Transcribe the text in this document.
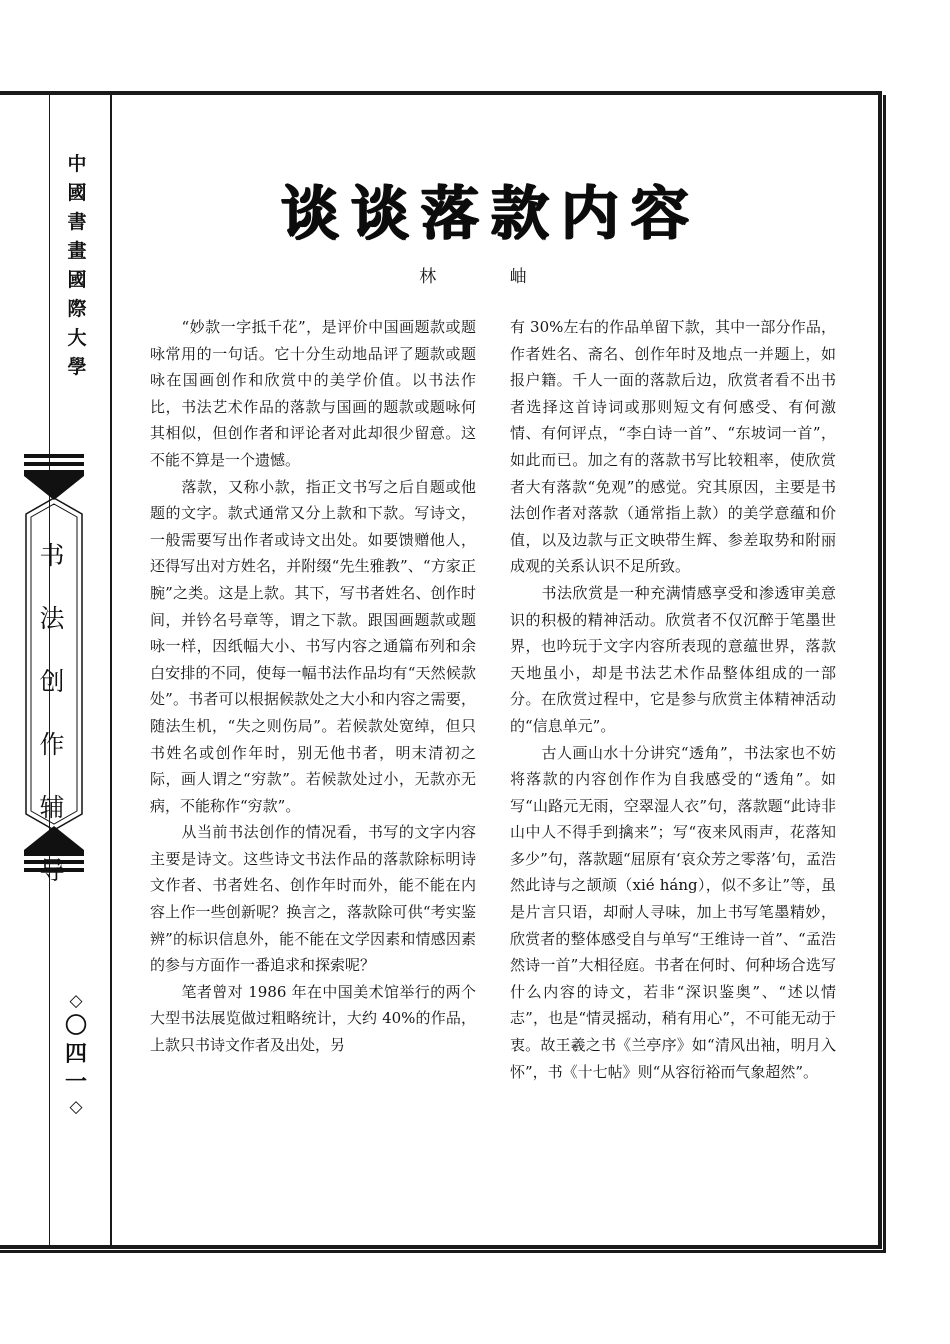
中
國
書
畫
國
際
大
學
书
法
创
作
辅
导
◇
〇
四
一
◇
谈谈落款内容
林 岫

“妙款一字抵千花”，是评价中国画题款或题咏常用的一句话。它十分生动地品评了题款或题咏在国画创作和欣赏中的美学价值。以书法作比，书法艺术作品的落款与国画的题款或题咏何其相似，但创作者和评论者对此却很少留意。这不能不算是一个遗憾。

落款，又称小款，指正文书写之后自题或他题的文字。款式通常又分上款和下款。写诗文，一般需要写出作者或诗文出处。如要馈赠他人，还得写出对方姓名，并附缀“先生雅教”、“方家正腕”之类。这是上款。其下，写书者姓名、创作时间，并钤名号章等，谓之下款。跟国画题款或题咏一样，因纸幅大小、书写内容之通篇布列和余白安排的不同，使每一幅书法作品均有“天然候款处”。书者可以根据候款处之大小和内容之需要，随法生机，“失之则伤局”。若候款处宽绰，但只书姓名或创作年时，别无他书者，明末清初之际，画人谓之“穷款”。若候款处过小，无款亦无病，不能称作“穷款”。

从当前书法创作的情况看，书写的文字内容主要是诗文。这些诗文书法作品的落款除标明诗文作者、书者姓名、创作年时而外，能不能在内容上作一些创新呢？换言之，落款除可供“考实鉴辨”的标识信息外，能不能在文学因素和情感因素的参与方面作一番追求和探索呢？

笔者曾对 1986 年在中国美术馆举行的两个大型书法展览做过粗略统计，大约 40%的作品，上款只书诗文作者及出处，另

有 30%左右的作品单留下款，其中一部分作品，作者姓名、斋名、创作年时及地点一并题上，如报户籍。千人一面的落款后边，欣赏者看不出书者选择这首诗词或那则短文有何感受、有何激情、有何评点，“李白诗一首”、“东坡词一首”，如此而已。加之有的落款书写比较粗率，使欣赏者大有落款“免观”的感觉。究其原因，主要是书法创作者对落款（通常指上款）的美学意蕴和价值，以及边款与正文映带生辉、参差取势和附丽成观的关系认识不足所致。

书法欣赏是一种充满情感享受和渗透审美意识的积极的精神活动。欣赏者不仅沉醉于笔墨世界，也吟玩于文字内容所表现的意蕴世界，落款天地虽小，却是书法艺术作品整体组成的一部分。在欣赏过程中，它是参与欣赏主体精神活动的“信息单元”。

古人画山水十分讲究“透角”，书法家也不妨将落款的内容创作作为自我感受的“透角”。如写“山路元无雨，空翠湿人衣”句，落款题“此诗非山中人不得手到擒来”；写“夜来风雨声，花落知多少”句，落款题“屈原有‘哀众芳之零落’句，孟浩然此诗与之颉颃（xié háng），似不多让”等，虽是片言只语，却耐人寻味，加上书写笔墨精妙，欣赏者的整体感受自与单写“王维诗一首”、“孟浩然诗一首”大相径庭。书者在何时、何种场合选写什么内容的诗文，若非“深识鉴奥”、“述以情志”，也是“情灵摇动，稍有用心”，不可能无动于衷。故王羲之书《兰亭序》如“清风出袖，明月入怀”，书《十七帖》则“从容衍裕而气象超然”。
